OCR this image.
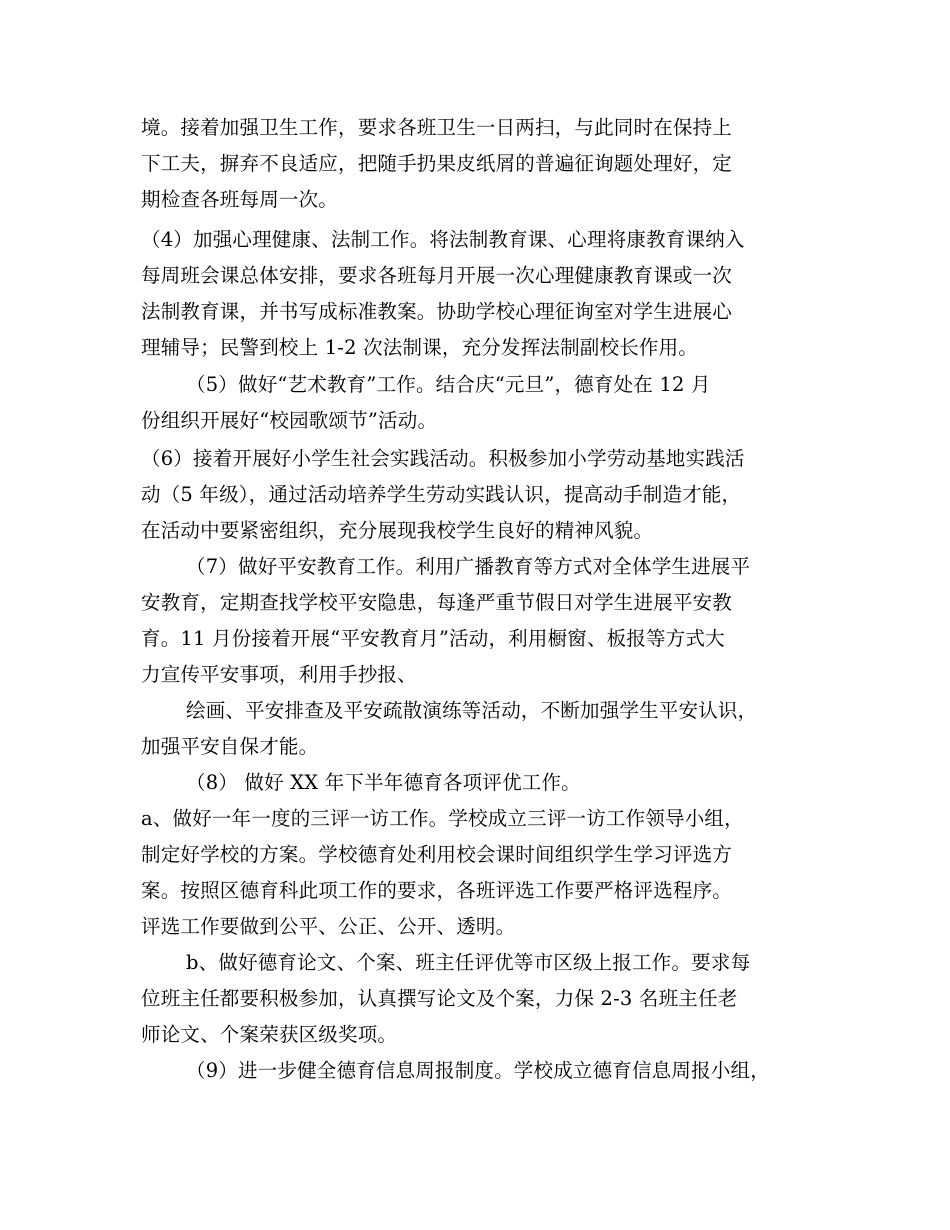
境。接着加强卫生工作，要求各班卫生一日两扫，与此同时在保持上
下工夫，摒弃不良适应，把随手扔果皮纸屑的普遍征询题处理好，定
期检查各班每周一次。
（4）加强心理健康、法制工作。将法制教育课、心理将康教育课纳入
每周班会课总体安排，要求各班每月开展一次心理健康教育课或一次
法制教育课，并书写成标准教案。协助学校心理征询室对学生进展心
理辅导；民警到校上 1-2 次法制课，充分发挥法制副校长作用。
（5）做好“艺术教育”工作。结合庆“元旦”，德育处在 12 月
份组织开展好“校园歌颂节”活动。
（6）接着开展好小学生社会实践活动。积极参加小学劳动基地实践活
动（5 年级），通过活动培养学生劳动实践认识，提高动手制造才能，
在活动中要紧密组织，充分展现我校学生良好的精神风貌。
（7）做好平安教育工作。利用广播教育等方式对全体学生进展平
安教育，定期查找学校平安隐患，每逢严重节假日对学生进展平安教
育。11 月份接着开展“平安教育月”活动，利用橱窗、板报等方式大
力宣传平安事项，利用手抄报、
绘画、平安排查及平安疏散演练等活动，不断加强学生平安认识，
加强平安自保才能。
（8） 做好 XX 年下半年德育各项评优工作。
a、做好一年一度的三评一访工作。学校成立三评一访工作领导小组，
制定好学校的方案。学校德育处利用校会课时间组织学生学习评选方
案。按照区德育科此项工作的要求，各班评选工作要严格评选程序。
评选工作要做到公平、公正、公开、透明。
b、做好德育论文、个案、班主任评优等市区级上报工作。要求每
位班主任都要积极参加，认真撰写论文及个案，力保 2-3 名班主任老
师论文、个案荣获区级奖项。
（9）进一步健全德育信息周报制度。学校成立德育信息周报小组，
